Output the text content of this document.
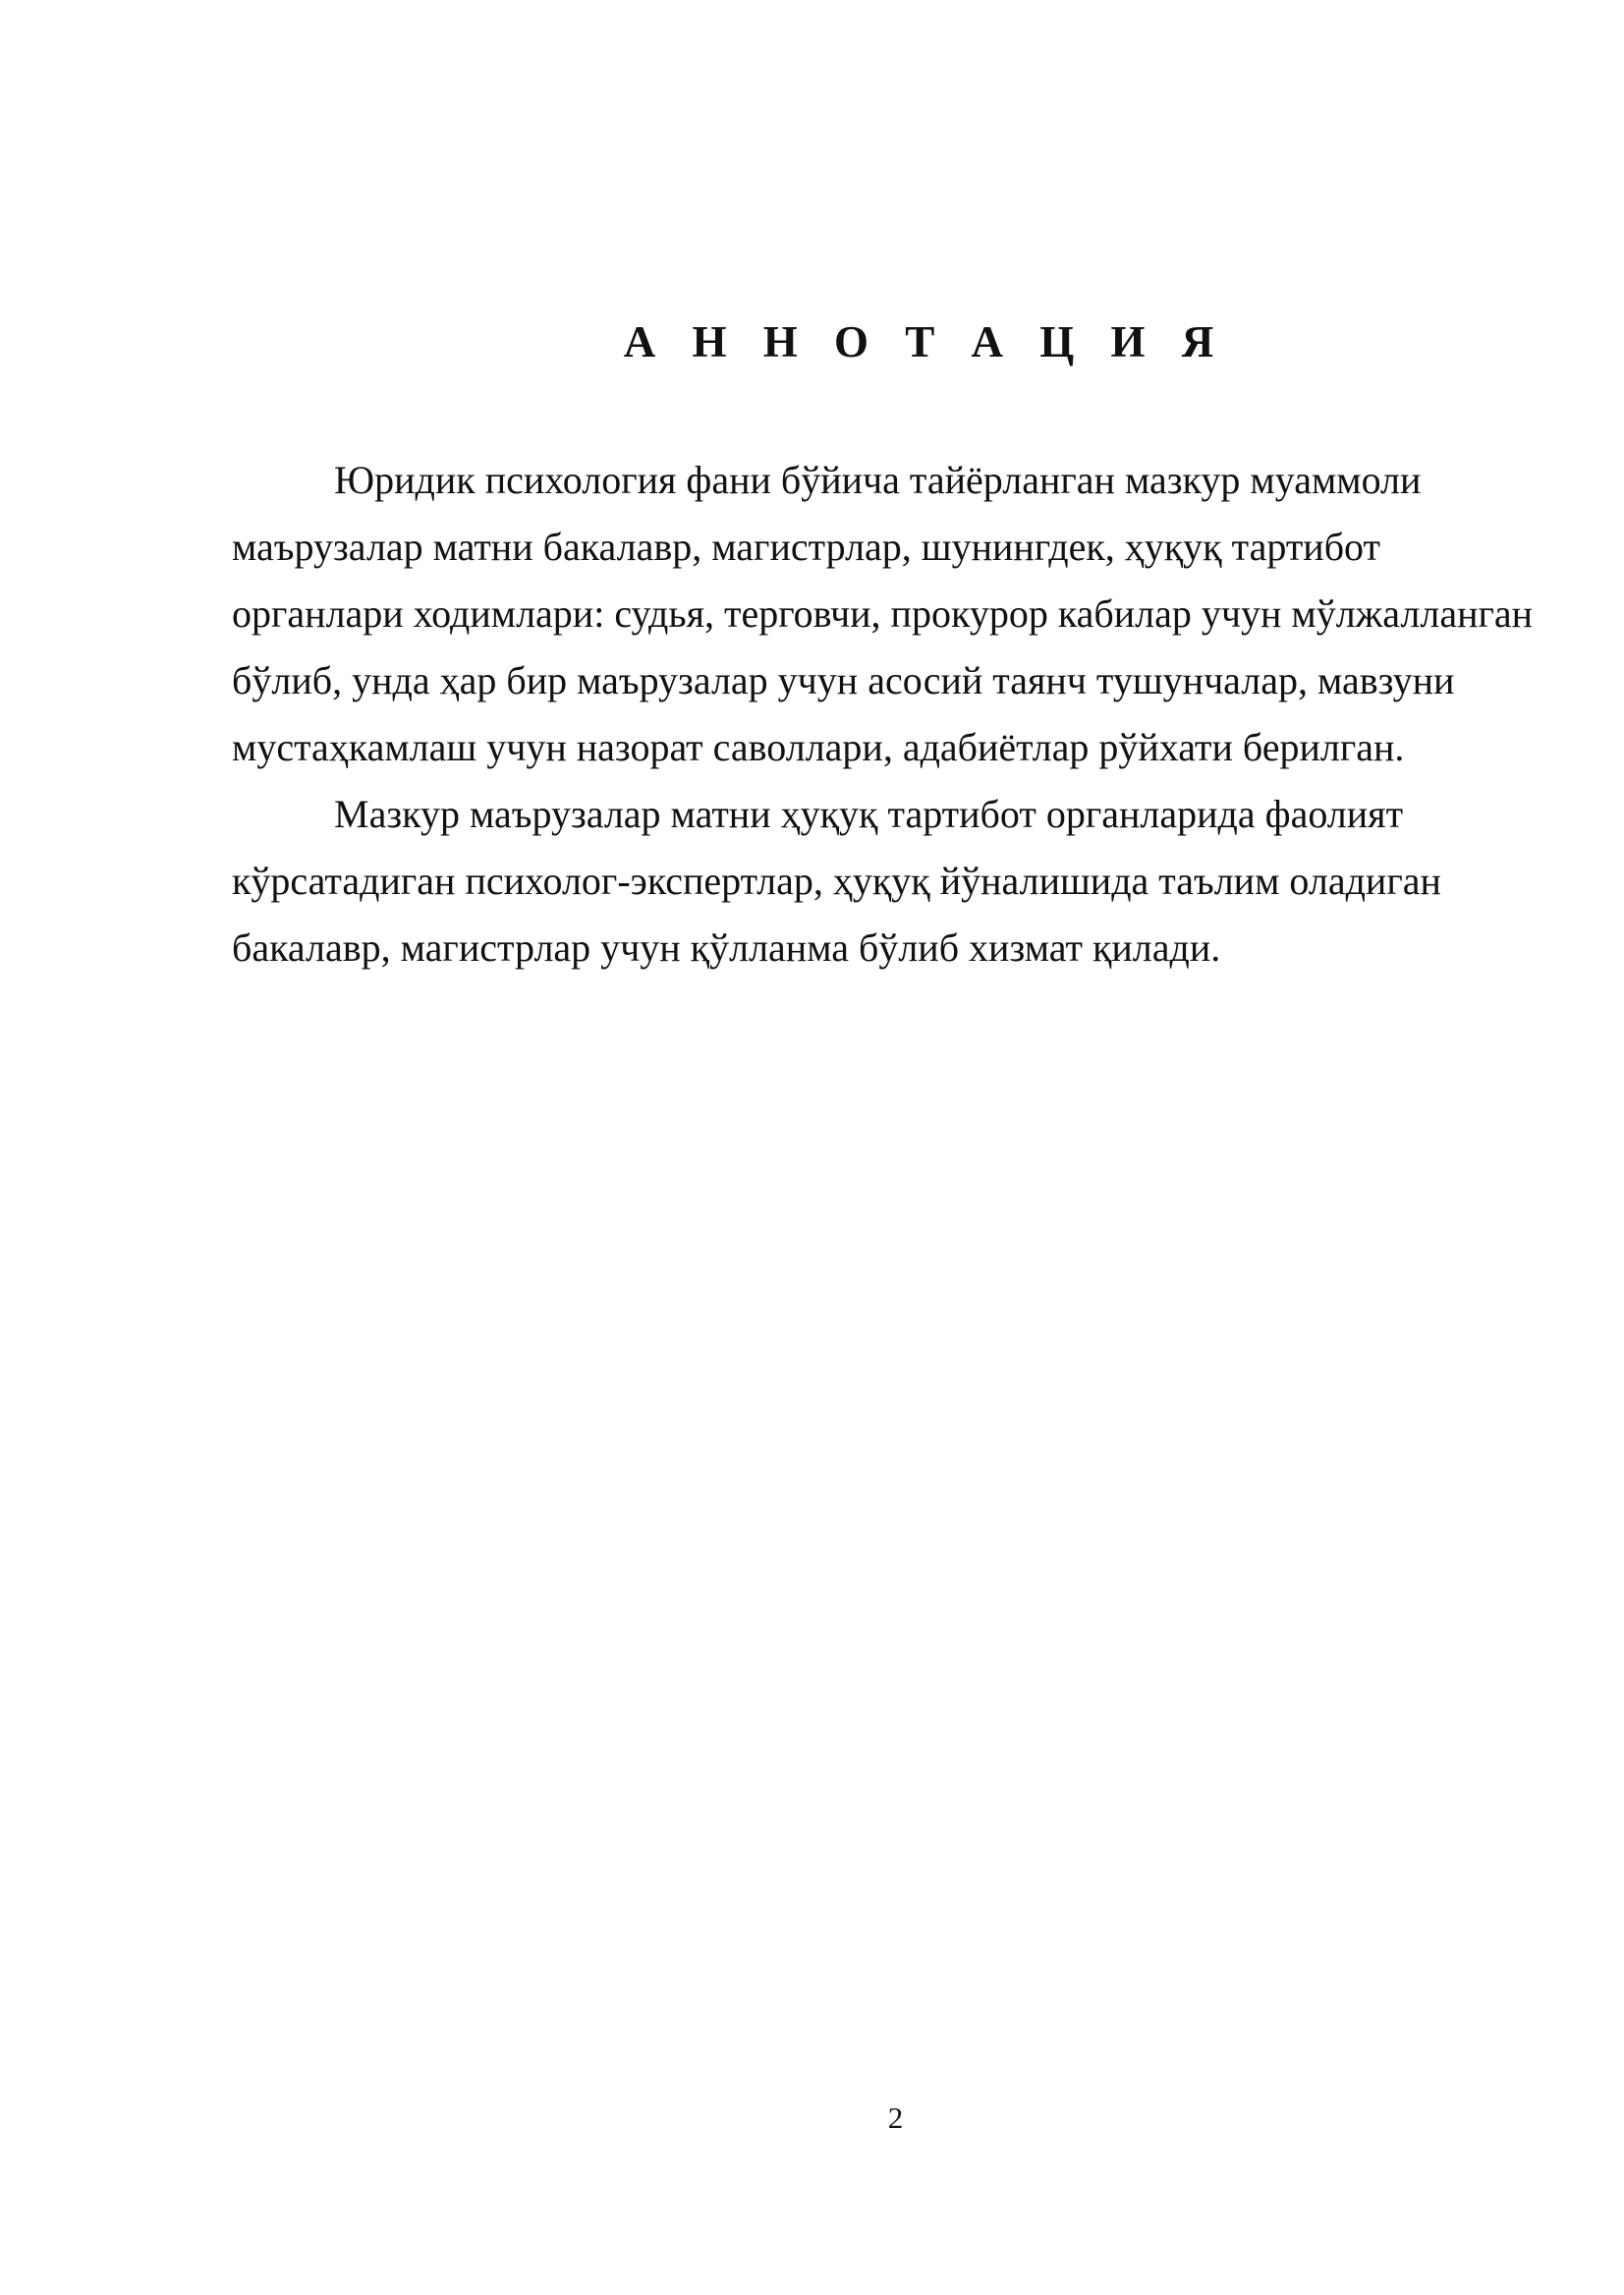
А Н Н О Т А Ц И Я
Юридик психология фани бўйича тайёрланган мазкур муаммоли
маърузалар матни бакалавр, магистрлар, шунингдек, ҳуқуқ тартибот
органлари ходимлари: судья, терговчи, прокурор кабилар учун мўлжалланган
бўлиб, унда ҳар бир маърузалар учун асосий таянч тушунчалар, мавзуни
мустаҳкамлаш учун назорат саволлари, адабиётлар рўйхати берилган.
Мазкур маърузалар матни ҳуқуқ тартибот органларида фаолият
кўрсатадиган психолог-экспертлар, ҳуқуқ йўналишида таълим оладиган
бакалавр, магистрлар учун қўлланма бўлиб хизмат қилади.
2
